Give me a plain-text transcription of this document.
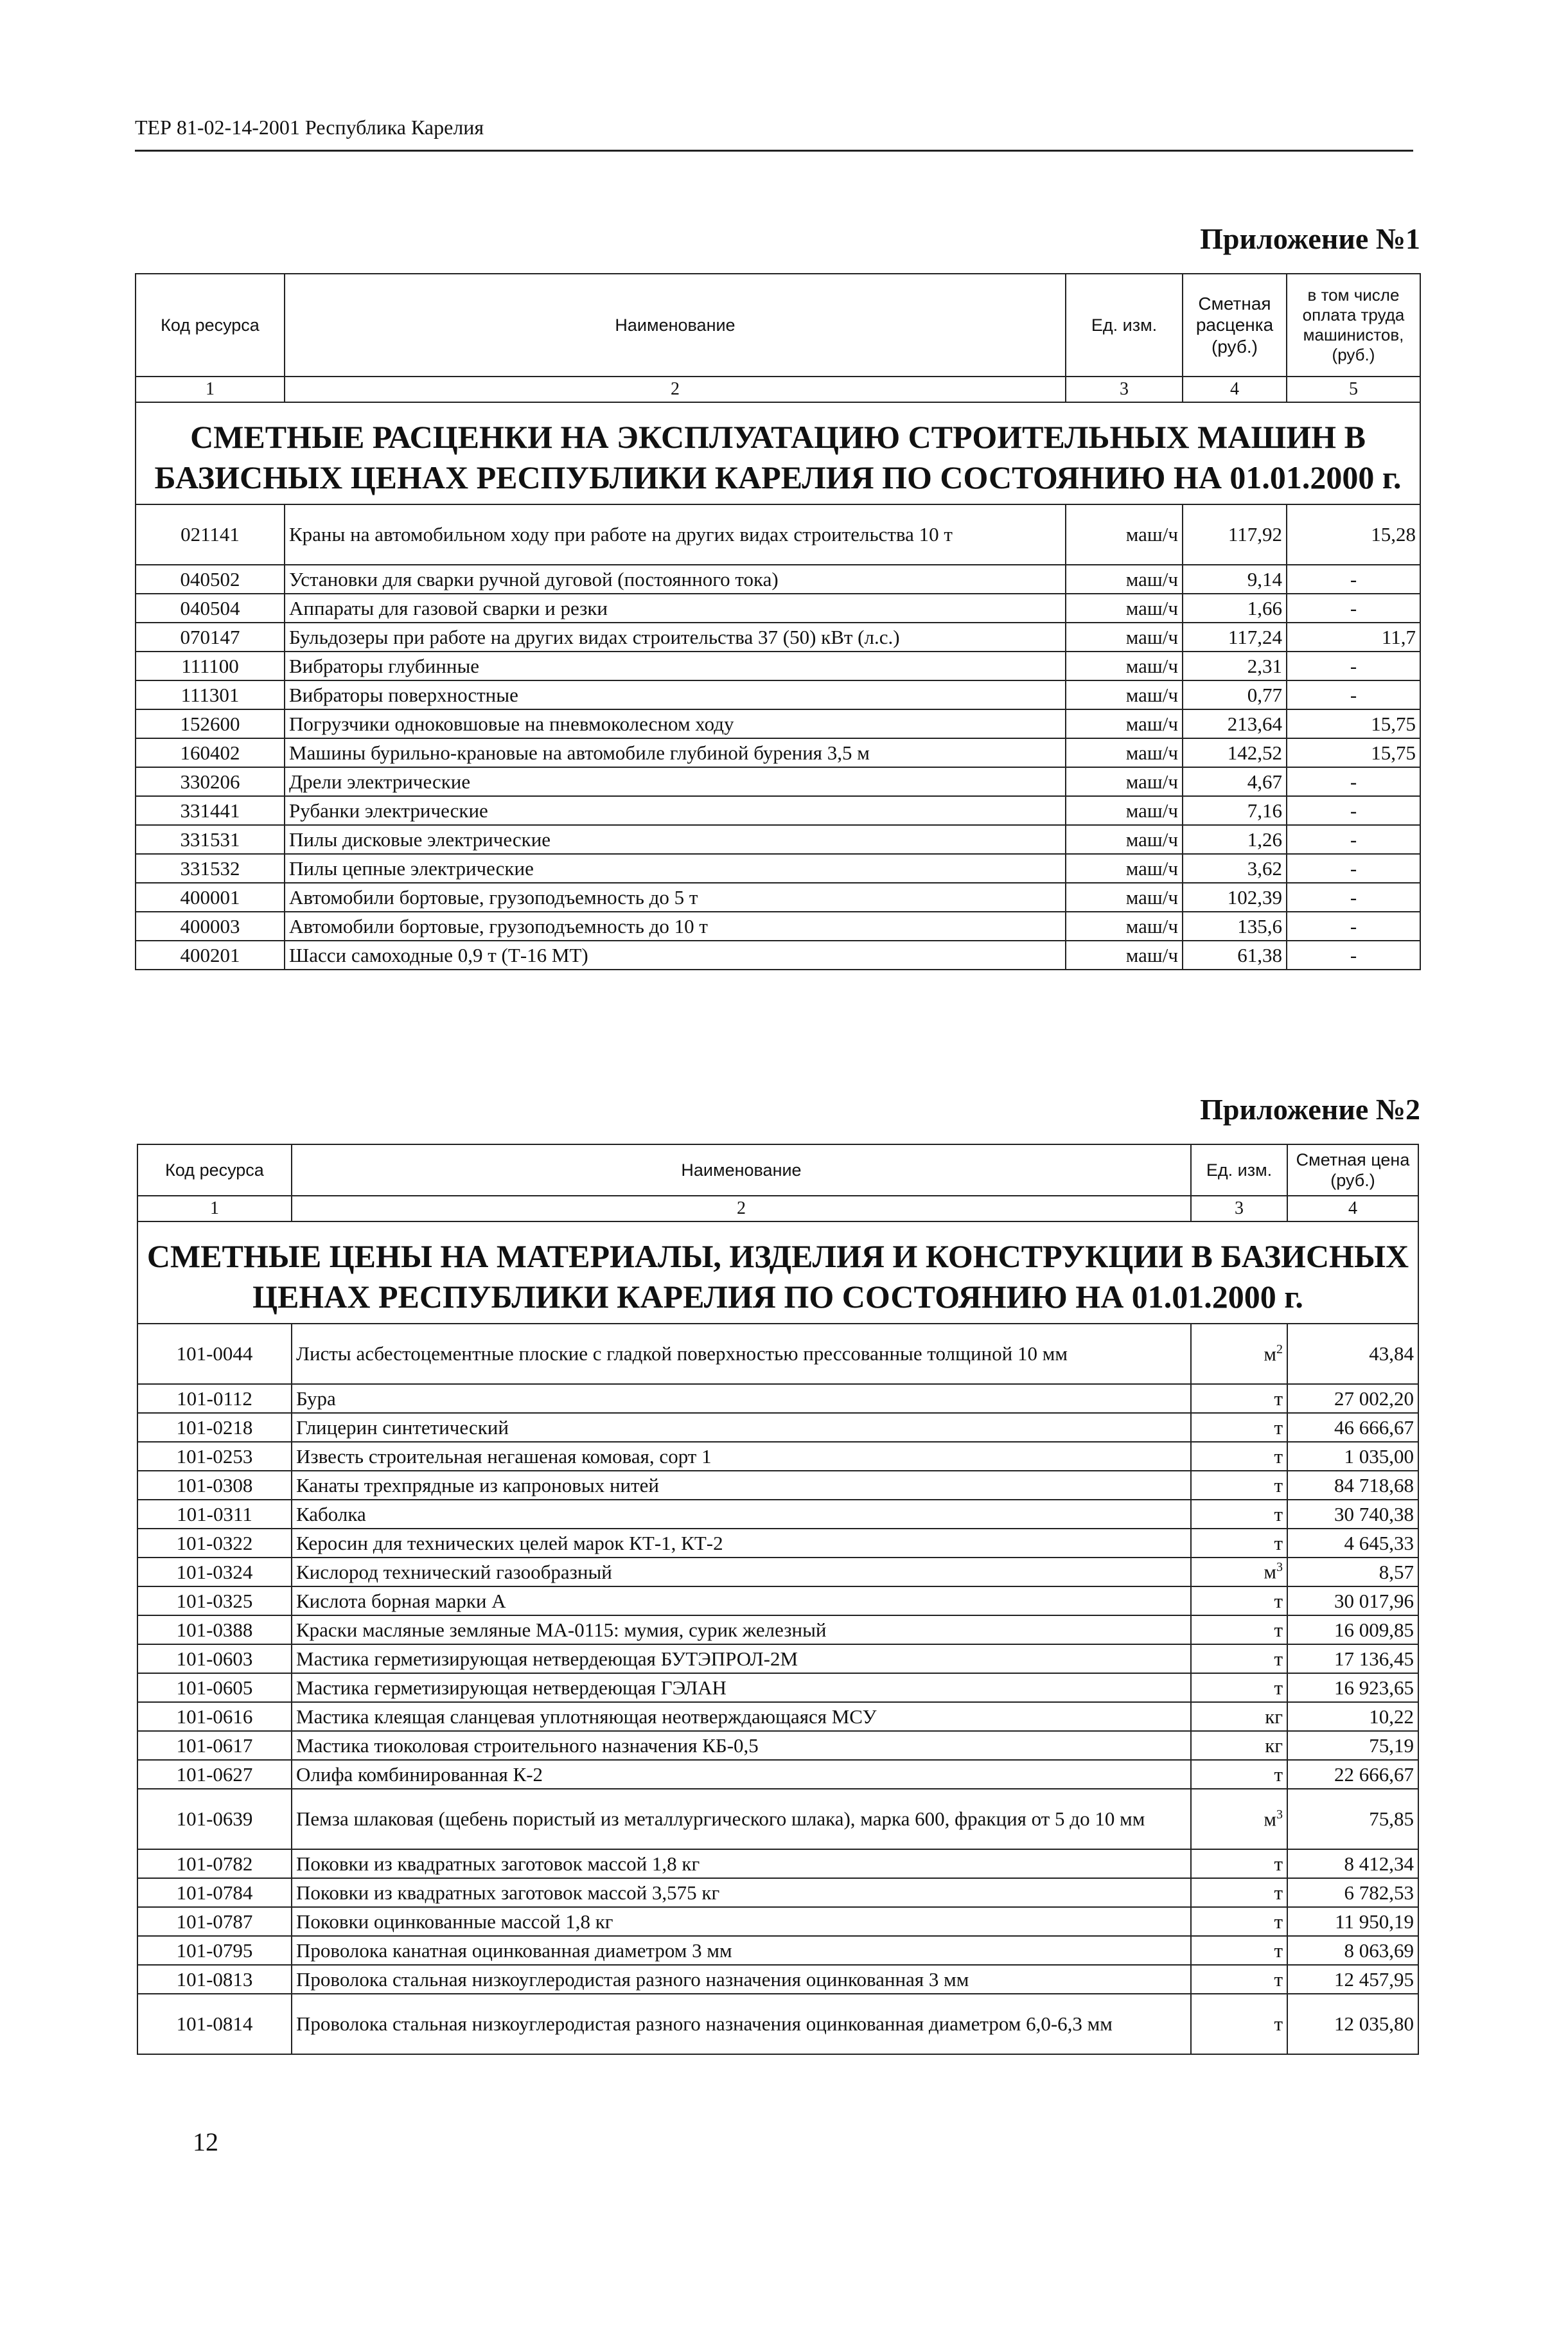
ТЕР 81-02-14-2001 Республика Карелия
Приложение №1
Код ресурса	Наименование	Ед. изм.	Сметная расценка (руб.)	в том числе оплата труда машинистов, (руб.)
1	2	3	4	5
СМЕТНЫЕ РАСЦЕНКИ НА ЭКСПЛУАТАЦИЮ СТРОИТЕЛЬНЫХ МАШИН В БАЗИСНЫХ ЦЕНАХ РЕСПУБЛИКИ КАРЕЛИЯ ПО СОСТОЯНИЮ НА 01.01.2000 г.				
021141	Краны на автомобильном ходу при работе на других видах строительства 10 т	маш/ч	117,92	15,28
040502	Установки для сварки ручной дуговой (постоянного тока)	маш/ч	9,14	-
040504	Аппараты для газовой сварки и резки	маш/ч	1,66	-
070147	Бульдозеры при работе на других видах строительства 37 (50) кВт (л.с.)	маш/ч	117,24	11,7
111100	Вибраторы глубинные	маш/ч	2,31	-
111301	Вибраторы поверхностные	маш/ч	0,77	-
152600	Погрузчики одноковшовые на пневмоколесном ходу	маш/ч	213,64	15,75
160402	Машины бурильно-крановые на автомобиле глубиной бурения 3,5 м	маш/ч	142,52	15,75
330206	Дрели электрические	маш/ч	4,67	-
331441	Рубанки электрические	маш/ч	7,16	-
331531	Пилы дисковые электрические	маш/ч	1,26	-
331532	Пилы цепные электрические	маш/ч	3,62	-
400001	Автомобили бортовые, грузоподъемность до 5 т	маш/ч	102,39	-
400003	Автомобили бортовые, грузоподъемность до 10 т	маш/ч	135,6	-
400201	Шасси самоходные 0,9 т (Т-16 МТ)	маш/ч	61,38	-
Приложение №2
Код ресурса	Наименование	Ед. изм.	Сметная цена (руб.)
1	2	3	4
СМЕТНЫЕ ЦЕНЫ НА МАТЕРИАЛЫ, ИЗДЕЛИЯ И КОНСТРУКЦИИ В БАЗИСНЫХ ЦЕНАХ РЕСПУБЛИКИ КАРЕЛИЯ ПО СОСТОЯНИЮ НА 01.01.2000 г.			
101-0044	Листы асбестоцементные плоские с гладкой поверхностью прессованные толщиной 10 мм	$м^2$	43,84
101-0112	Бура	т	27 002,20
101-0218	Глицерин синтетический	т	46 666,67
101-0253	Известь строительная негашеная комовая, сорт 1	т	1 035,00
101-0308	Канаты трехпрядные из капроновых нитей	т	84 718,68
101-0311	Каболка	т	30 740,38
101-0322	Керосин для технических целей марок КТ-1, КТ-2	т	4 645,33
101-0324	Кислород технический газообразный	$м^3$	8,57
101-0325	Кислота борная марки А	т	30 017,96
101-0388	Краски масляные земляные МА-0115: мумия, сурик железный	т	16 009,85
101-0603	Мастика герметизирующая нетвердеющая БУТЭПРОЛ-2М	т	17 136,45
101-0605	Мастика герметизирующая нетвердеющая ГЭЛАН	т	16 923,65
101-0616	Мастика клеящая сланцевая уплотняющая неотверждающаяся МСУ	кг	10,22
101-0617	Мастика тиоколовая строительного назначения КБ-0,5	кг	75,19
101-0627	Олифа комбинированная К-2	т	22 666,67
101-0639	Пемза шлаковая (щебень пористый из металлургического шлака), марка 600, фракция от 5 до 10 мм	$м^3$	75,85
101-0782	Поковки из квадратных заготовок массой 1,8 кг	т	8 412,34
101-0784	Поковки из квадратных заготовок массой 3,575 кг	т	6 782,53
101-0787	Поковки оцинкованные массой 1,8 кг	т	11 950,19
101-0795	Проволока канатная оцинкованная диаметром 3 мм	т	8 063,69
101-0813	Проволока стальная низкоуглеродистая разного назначения оцинкованная 3 мм	т	12 457,95
101-0814	Проволока стальная низкоуглеродистая разного назначения оцинкованная диаметром 6,0-6,3 мм	т	12 035,80
12
